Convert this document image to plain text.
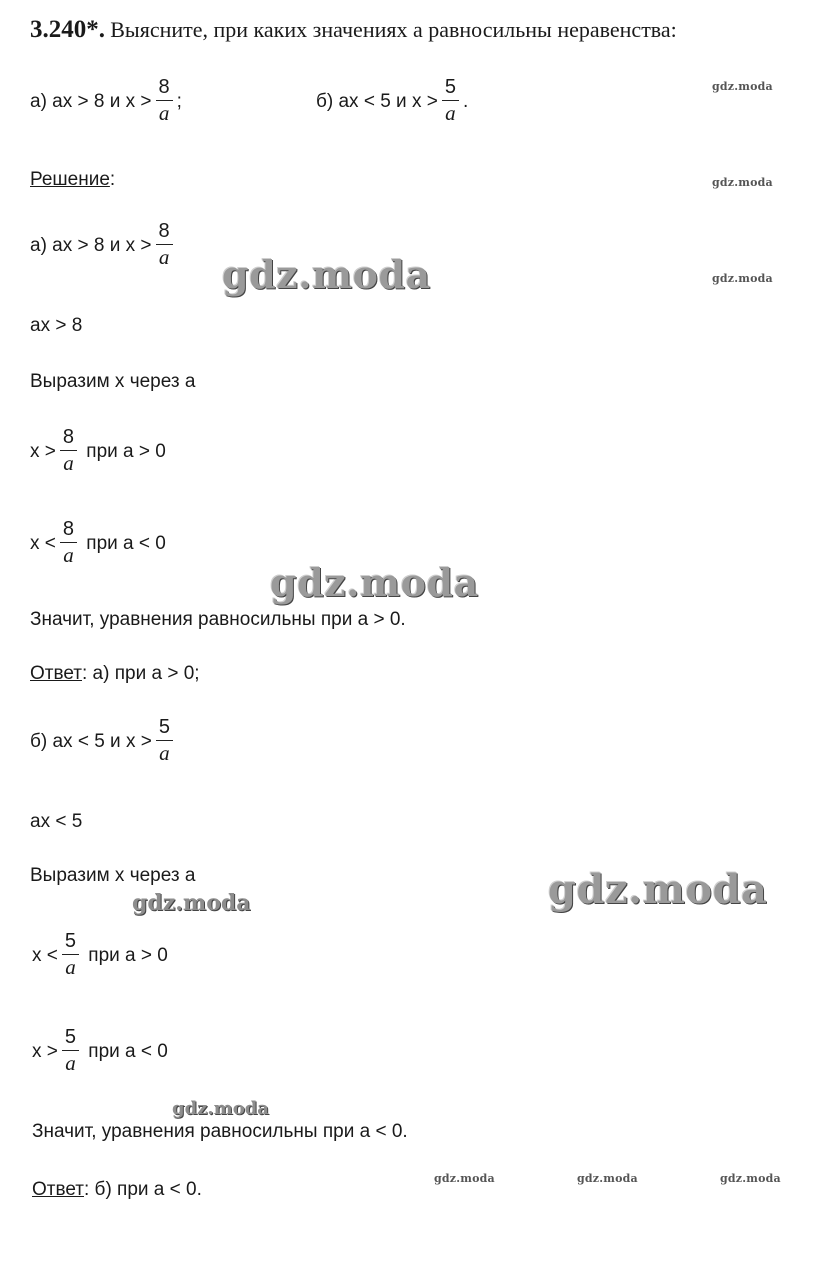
3.240*. Выясните, при каких значениях а равносильны неравенства:
а) ах > 8 и $х > \frac{8}{a}$ ;	б) ах < 5 и $х > \frac{5}{a}$ .
Решение:
а) ах > 8 и $х > \frac{8}{a}$
ах > 8
Выразим х через а
$х > \frac{8}{a}$ при а > 0
$х < \frac{8}{a}$ при а < 0
Значит, уравнения равносильны при а > 0.
Ответ: а) при а > 0;
б) ах < 5 и $х > \frac{5}{a}$
ах < 5
Выразим х через а
$х < \frac{5}{a}$ при а > 0
$х > \frac{5}{a}$ при а < 0
Значит, уравнения равносильны при а < 0.
Ответ: б) при а < 0.
gdz.moda
gdz.moda
gdz.moda
gdz.moda
gdz.moda
gdz.moda
gdz.moda
gdz.moda
gdz.moda	gdz.moda	gdz.moda
